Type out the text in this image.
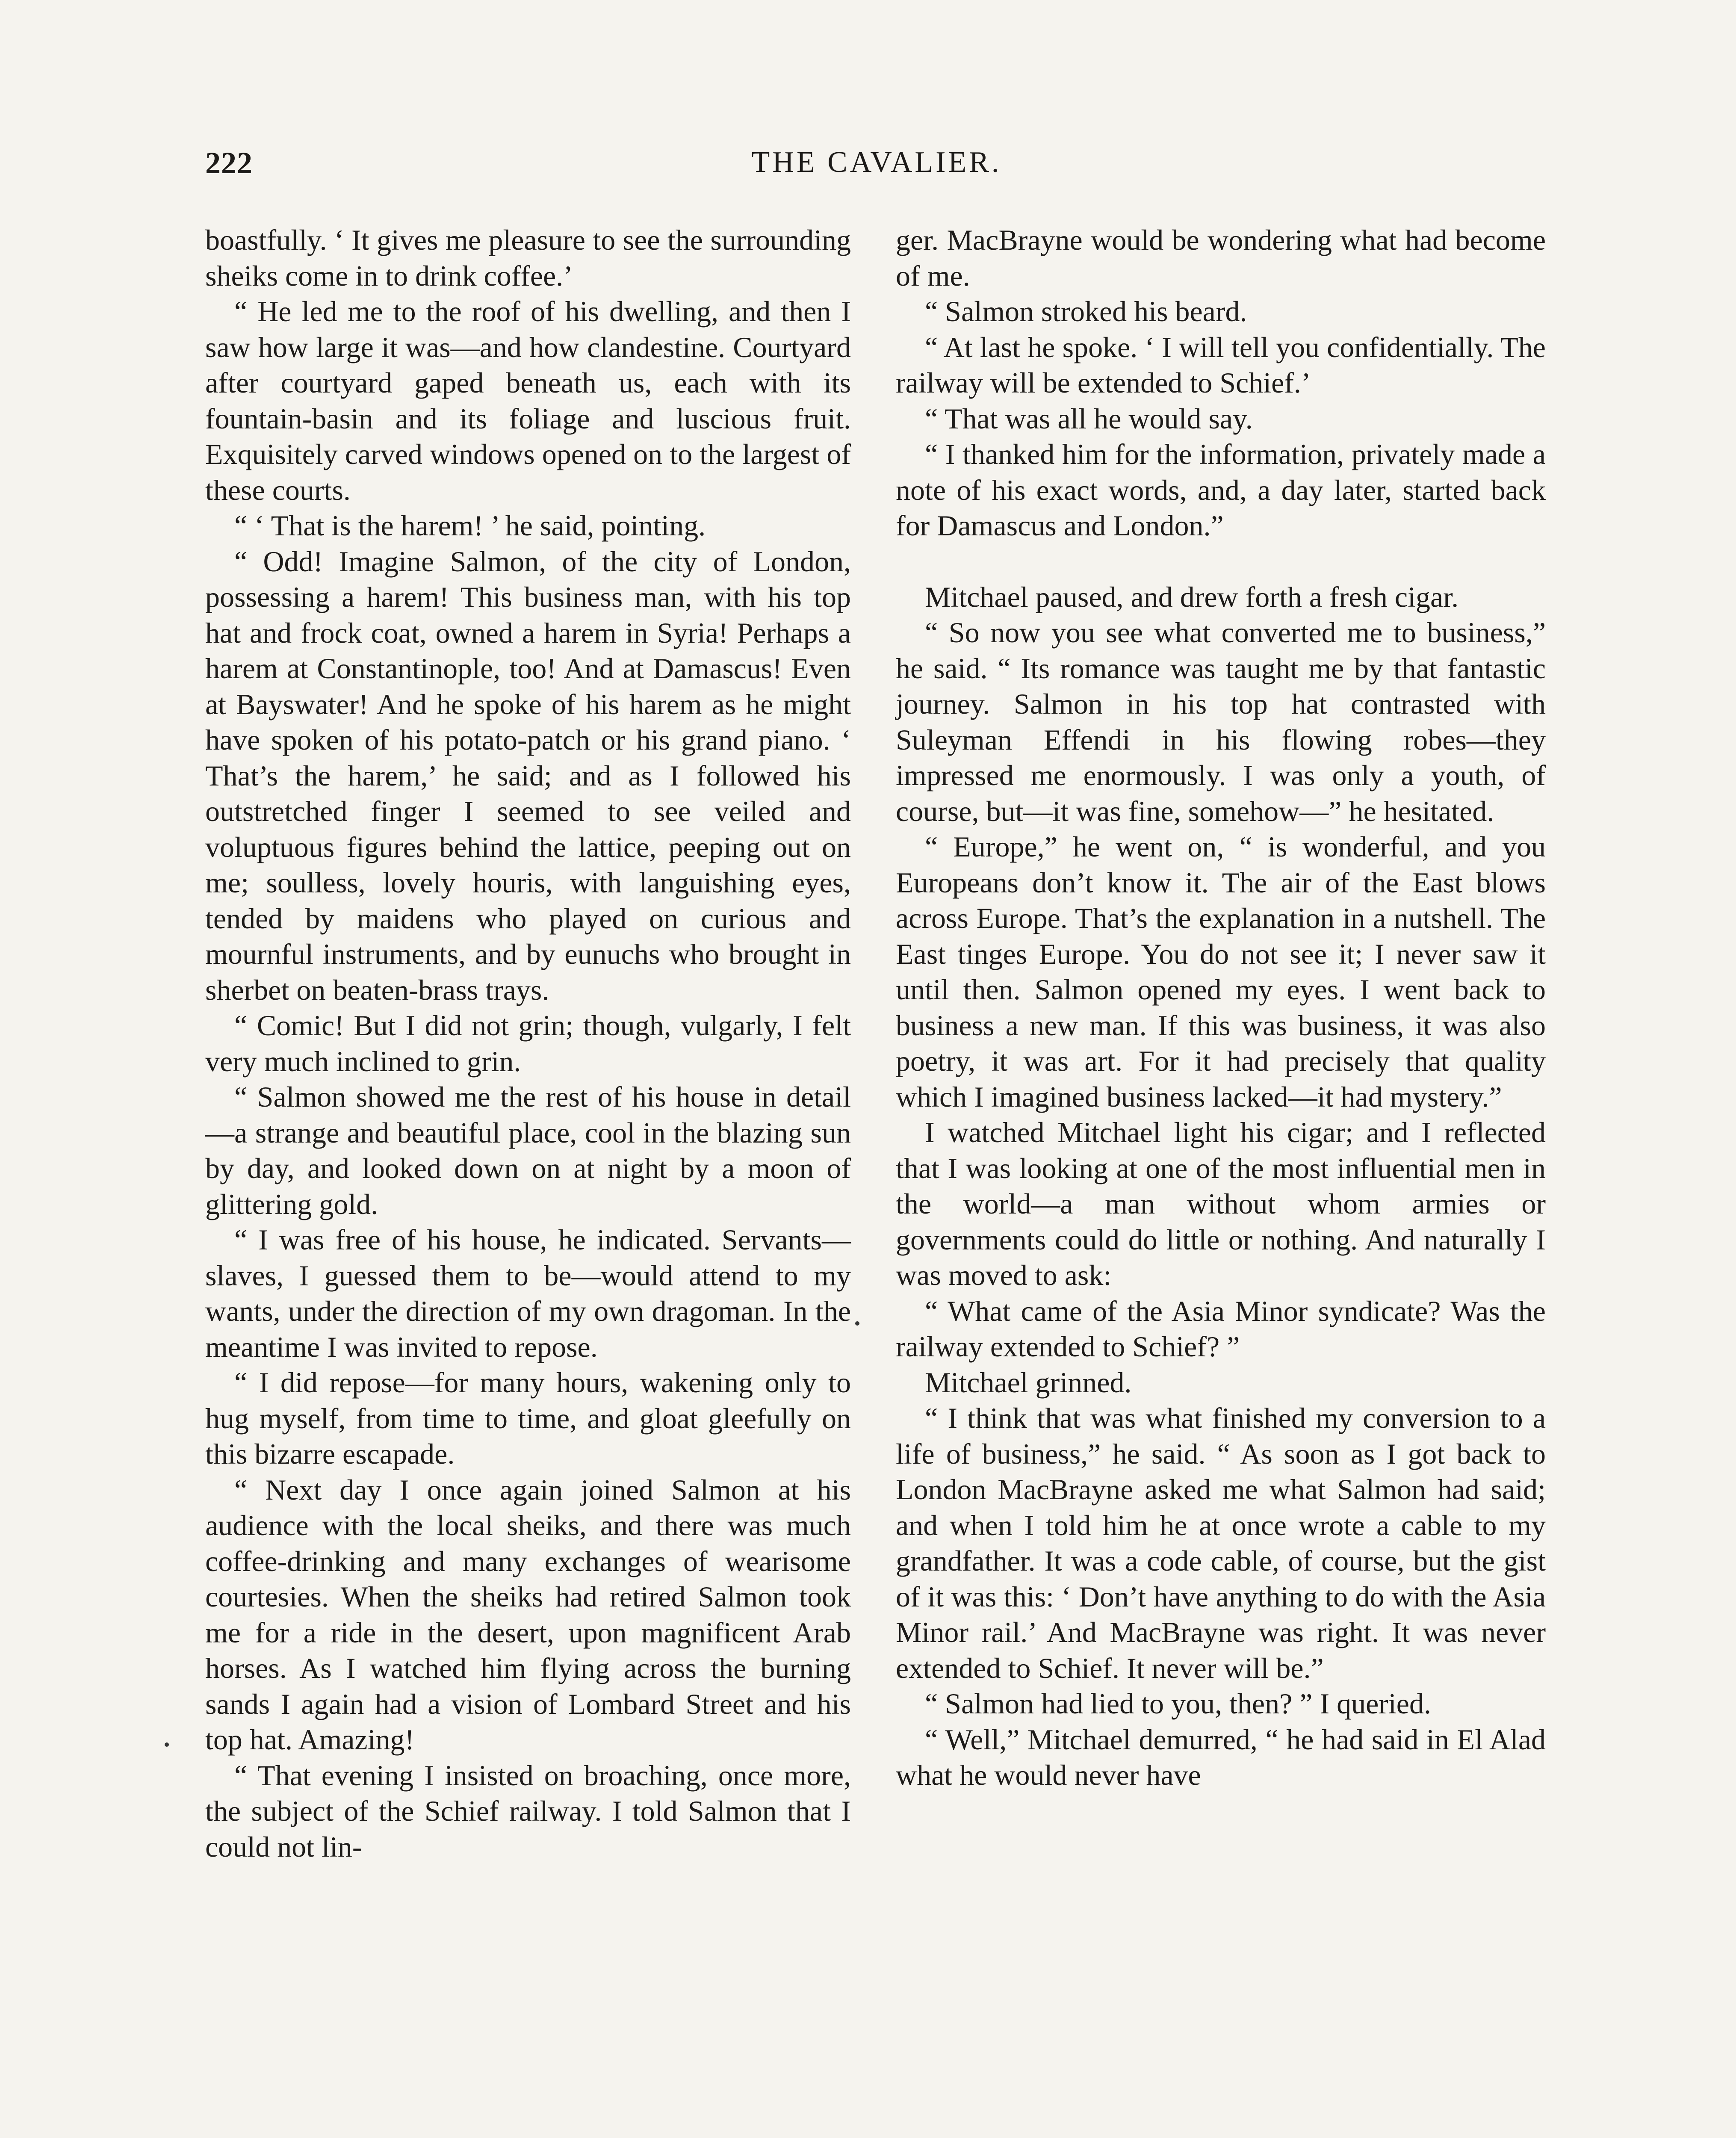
222	THE CAVALIER.

boastfully. ‘ It gives me pleasure to see the surrounding sheiks come in to drink coffee.’

“ He led me to the roof of his dwelling, and then I saw how large it was—and how clandestine. Courtyard after courtyard gaped beneath us, each with its fountain-basin and its foliage and luscious fruit. Exquisitely carved windows opened on to the largest of these courts.

“ ‘ That is the harem! ’ he said, pointing.

“ Odd! Imagine Salmon, of the city of London, possessing a harem! This business man, with his top hat and frock coat, owned a harem in Syria! Perhaps a harem at Constantinople, too! And at Damascus! Even at Bayswater! And he spoke of his harem as he might have spoken of his potato-patch or his grand piano. ‘ That’s the harem,’ he said; and as I followed his outstretched finger I seemed to see veiled and voluptuous figures behind the lattice, peeping out on me; soulless, lovely houris, with languishing eyes, tended by maidens who played on curious and mournful instruments, and by eunuchs who brought in sherbet on beaten-brass trays.

“ Comic! But I did not grin; though, vulgarly, I felt very much inclined to grin.

“ Salmon showed me the rest of his house in detail—a strange and beautiful place, cool in the blazing sun by day, and looked down on at night by a moon of glittering gold.

“ I was free of his house, he indicated. Servants—slaves, I guessed them to be—would attend to my wants, under the direction of my own dragoman. In the meantime I was invited to repose.

“ I did repose—for many hours, wakening only to hug myself, from time to time, and gloat gleefully on this bizarre escapade.

“ Next day I once again joined Salmon at his audience with the local sheiks, and there was much coffee-drinking and many exchanges of wearisome courtesies. When the sheiks had retired Salmon took me for a ride in the desert, upon magnificent Arab horses. As I watched him flying across the burning sands I again had a vision of Lombard Street and his top hat. Amazing!

“ That evening I insisted on broaching, once more, the subject of the Schief railway. I told Salmon that I could not lin-

ger. MacBrayne would be wondering what had become of me.

“ Salmon stroked his beard.

“ At last he spoke. ‘ I will tell you confidentially. The railway will be extended to Schief.’

“ That was all he would say.

“ I thanked him for the information, privately made a note of his exact words, and, a day later, started back for Damascus and London.”

Mitchael paused, and drew forth a fresh cigar.

“ So now you see what converted me to business,” he said. “ Its romance was taught me by that fantastic journey. Salmon in his top hat contrasted with Suleyman Effendi in his flowing robes—they impressed me enormously. I was only a youth, of course, but—it was fine, somehow—” he hesitated.

“ Europe,” he went on, “ is wonderful, and you Europeans don’t know it. The air of the East blows across Europe. That’s the explanation in a nutshell. The East tinges Europe. You do not see it; I never saw it until then. Salmon opened my eyes. I went back to business a new man. If this was business, it was also poetry, it was art. For it had precisely that quality which I imagined business lacked—it had mystery.”

I watched Mitchael light his cigar; and I reflected that I was looking at one of the most influential men in the world—a man without whom armies or governments could do little or nothing. And naturally I was moved to ask:

“ What came of the Asia Minor syndicate? Was the railway extended to Schief? ”

Mitchael grinned.

“ I think that was what finished my conversion to a life of business,” he said. “ As soon as I got back to London MacBrayne asked me what Salmon had said; and when I told him he at once wrote a cable to my grandfather. It was a code cable, of course, but the gist of it was this: ‘ Don’t have anything to do with the Asia Minor rail.’ And MacBrayne was right. It was never extended to Schief. It never will be.”

“ Salmon had lied to you, then? ” I queried.

“ Well,” Mitchael demurred, “ he had said in El Alad what he would never have
